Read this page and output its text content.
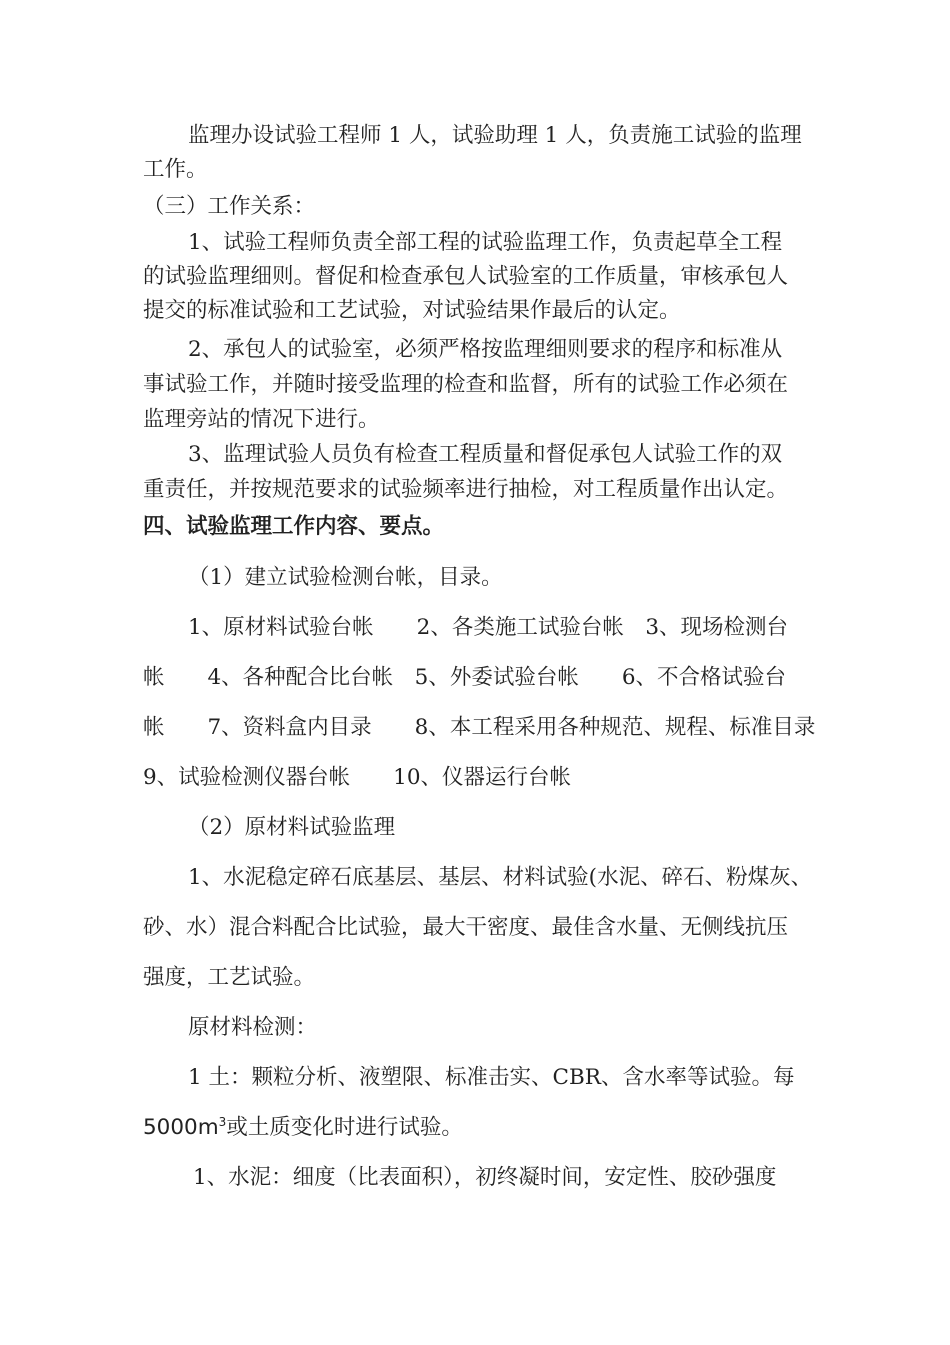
监理办设试验工程师 1 人，试验助理 1 人，负责施工试验的监理
工作。
（三）工作关系：
1、试验工程师负责全部工程的试验监理工作，负责起草全工程
的试验监理细则。督促和检查承包人试验室的工作质量，审核承包人
提交的标准试验和工艺试验，对试验结果作最后的认定。
2、承包人的试验室，必须严格按监理细则要求的程序和标准从
事试验工作，并随时接受监理的检查和监督，所有的试验工作必须在
监理旁站的情况下进行。
3、监理试验人员负有检查工程质量和督促承包人试验工作的双
重责任，并按规范要求的试验频率进行抽检，对工程质量作出认定。
四、试验监理工作内容、要点。
（1）建立试验检测台帐，目录。
1、原材料试验台帐　　2、各类施工试验台帐　3、现场检测台
帐　　4、各种配合比台帐　5、外委试验台帐　　6、不合格试验台
帐　　7、资料盒内目录　　8、本工程采用各种规范、规程、标准目录
9、试验检测仪器台帐　　10、仪器运行台帐
（2）原材料试验监理
1、水泥稳定碎石底基层、基层、材料试验(水泥、碎石、粉煤灰、
砂、水）混合料配合比试验，最大干密度、最佳含水量、无侧线抗压
强度，工艺试验。
原材料检测：
1 土：颗粒分析、液塑限、标准击实、CBR、含水率等试验。每
$5000m^3$或土质变化时进行试验。
1、水泥：细度（比表面积），初终凝时间，安定性、胶砂强度
